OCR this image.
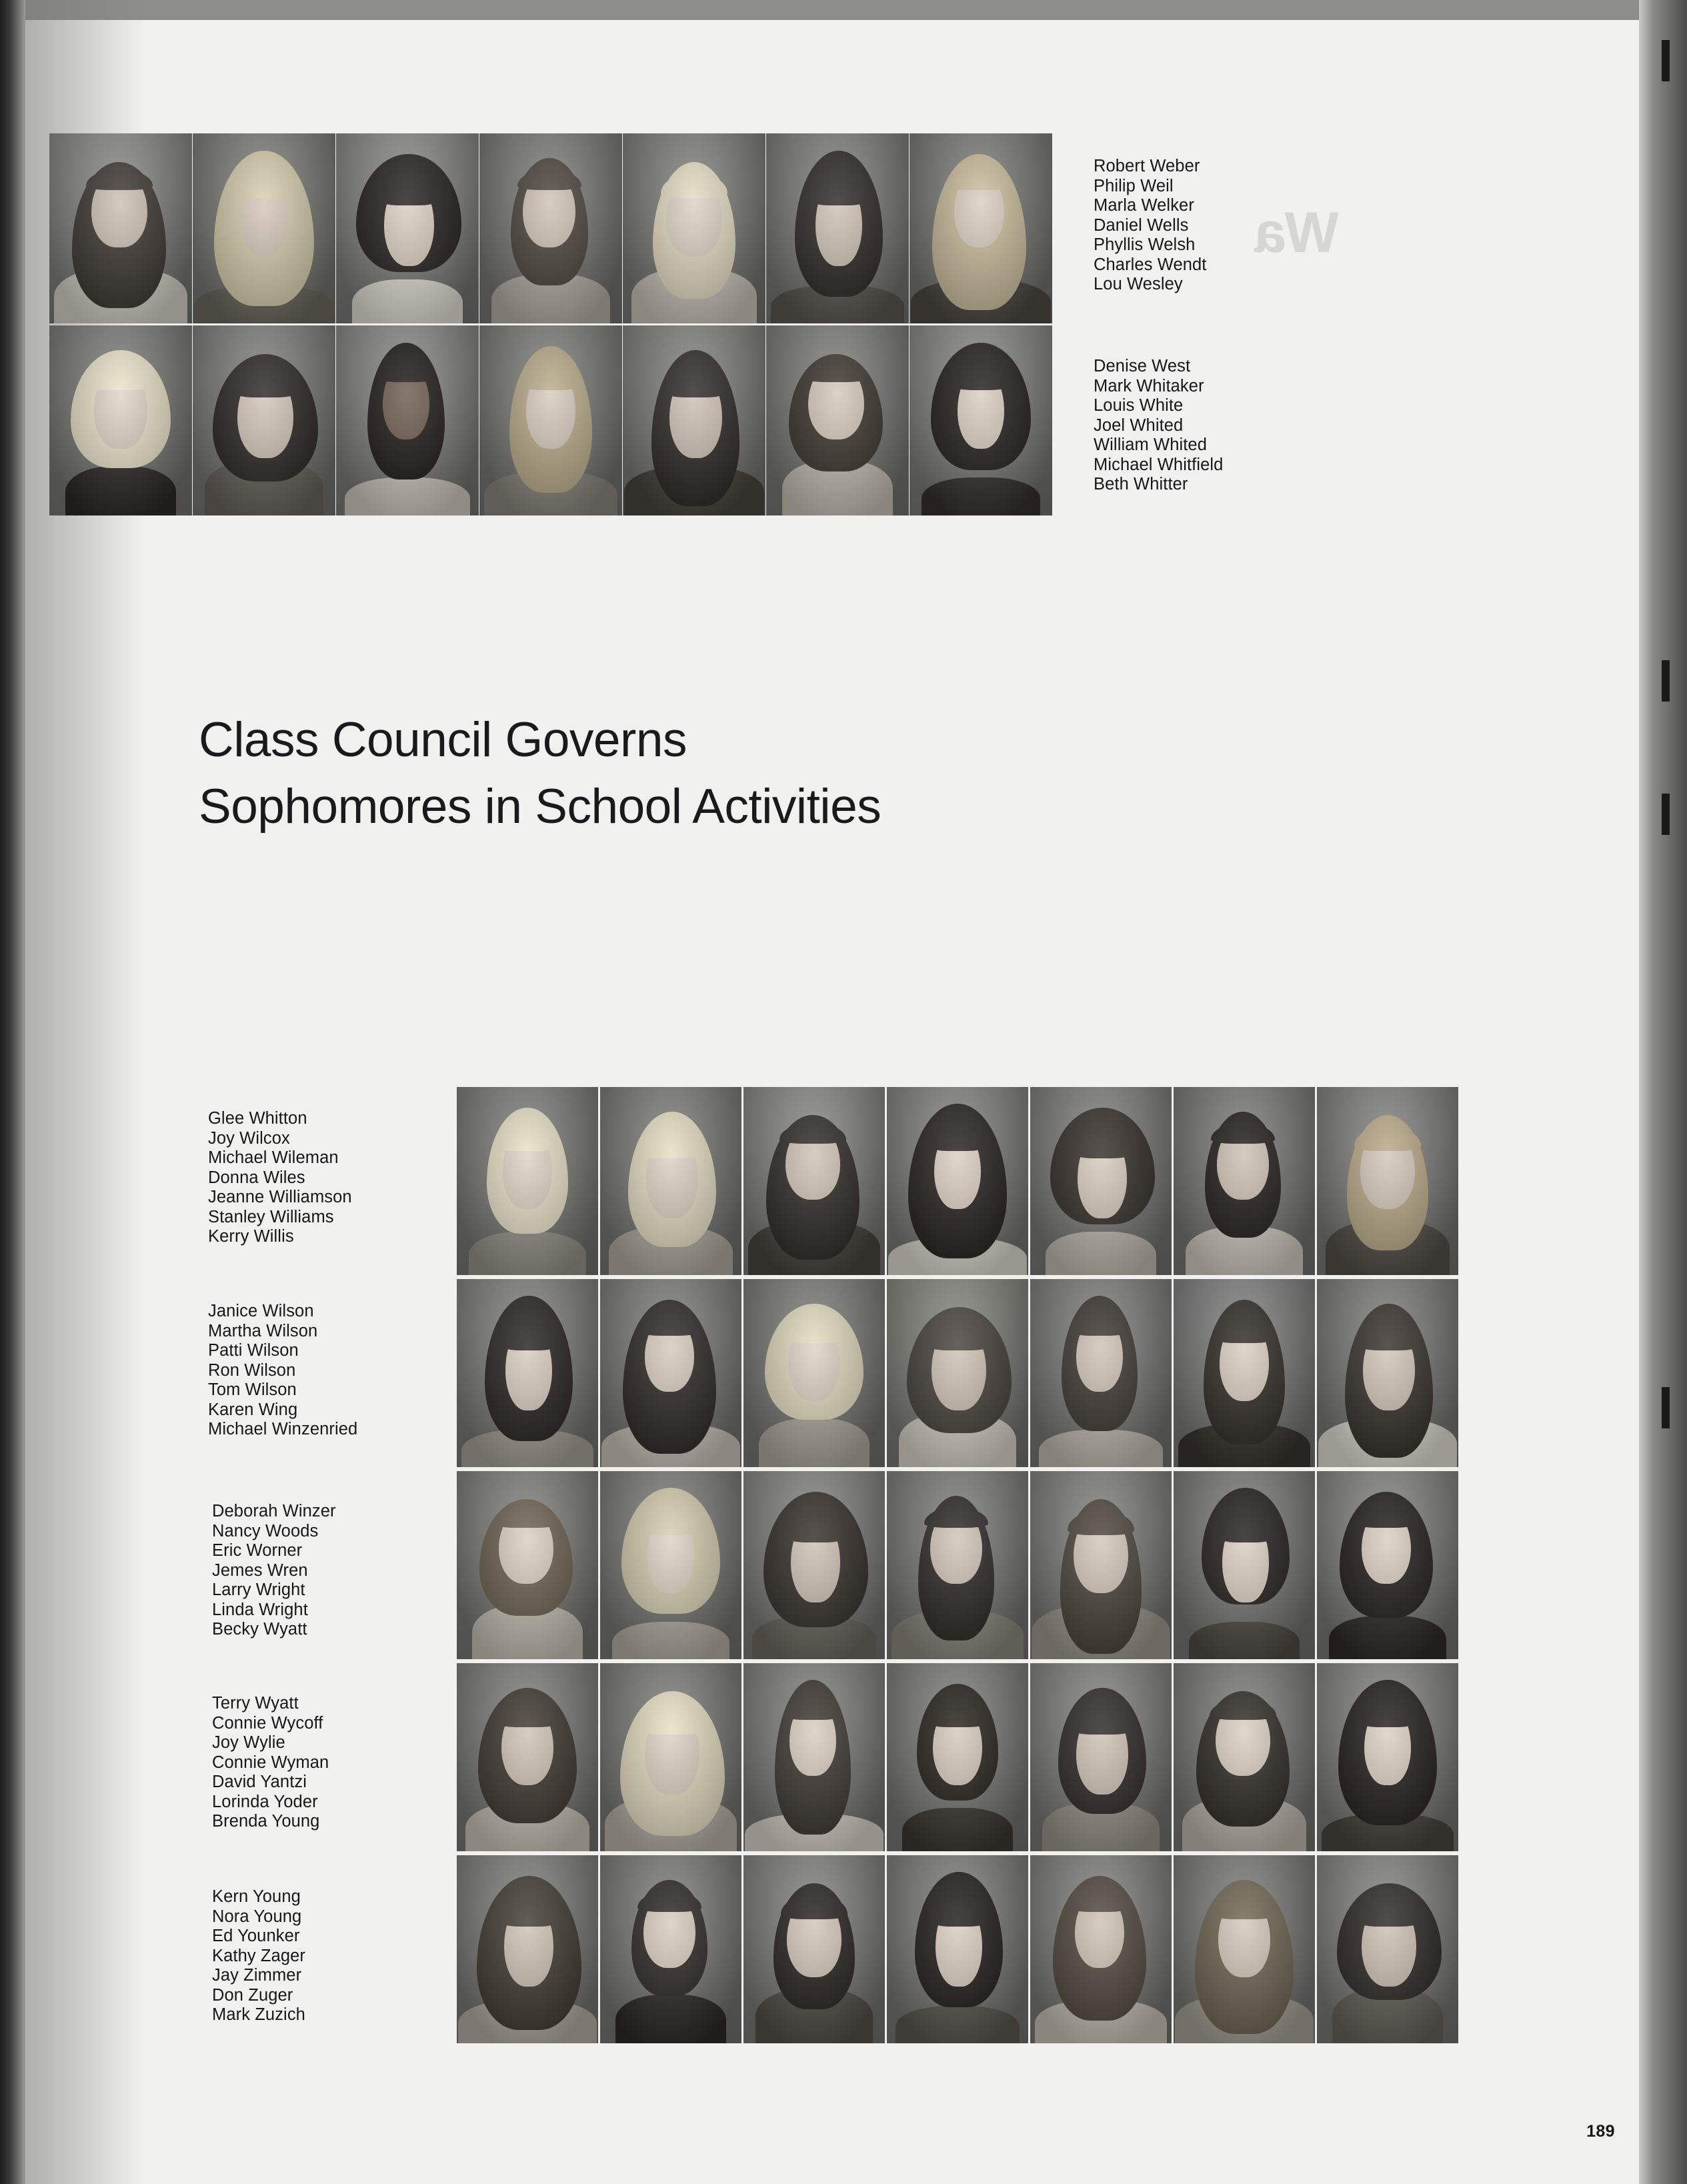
Wa
Robert Weber
Philip Weil
Marla Welker
Daniel Wells
Phyllis Welsh
Charles Wendt
Lou Wesley
Denise West
Mark Whitaker
Louis White
Joel Whited
William Whited
Michael Whitfield
Beth Whitter
Class Council Governs
Sophomores in School Activities
Glee Whitton
Joy Wilcox
Michael Wileman
Donna Wiles
Jeanne Williamson
Stanley Williams
Kerry Willis
Janice Wilson
Martha Wilson
Patti Wilson
Ron Wilson
Tom Wilson
Karen Wing
Michael Winzenried
Deborah Winzer
Nancy Woods
Eric Worner
Jemes Wren
Larry Wright
Linda Wright
Becky Wyatt
Terry Wyatt
Connie Wycoff
Joy Wylie
Connie Wyman
David Yantzi
Lorinda Yoder
Brenda Young
Kern Young
Nora Young
Ed Younker
Kathy Zager
Jay Zimmer
Don Zuger
Mark Zuzich
189
